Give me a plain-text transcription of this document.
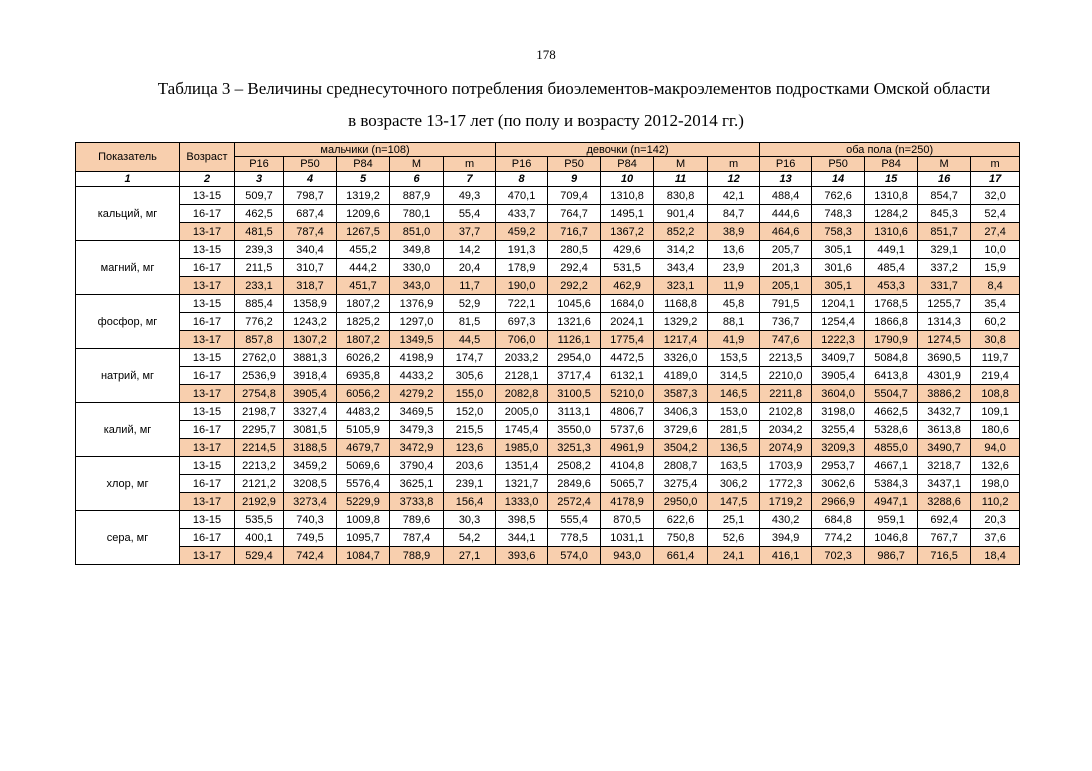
178
Таблица 3 – Величины среднесуточного потребления биоэлементов-макроэлементов подростками Омской области
в возрасте 13-17 лет (по полу и возрасту 2012-2014 гг.)
Показатель	Возраст	мальчики (n=108)					девочки (n=142)					оба пола (n=250)				
		P16	P50	P84	M	m	P16	P50	P84	M	m	P16	P50	P84	M	m
1	2	3	4	5	6	7	8	9	10	11	12	13	14	15	16	17
кальций, мг	13-15	509,7	798,7	1319,2	887,9	49,3	470,1	709,4	1310,8	830,8	42,1	488,4	762,6	1310,8	854,7	32,0
	16-17	462,5	687,4	1209,6	780,1	55,4	433,7	764,7	1495,1	901,4	84,7	444,6	748,3	1284,2	845,3	52,4
	13-17	481,5	787,4	1267,5	851,0	37,7	459,2	716,7	1367,2	852,2	38,9	464,6	758,3	1310,6	851,7	27,4
магний, мг	13-15	239,3	340,4	455,2	349,8	14,2	191,3	280,5	429,6	314,2	13,6	205,7	305,1	449,1	329,1	10,0
	16-17	211,5	310,7	444,2	330,0	20,4	178,9	292,4	531,5	343,4	23,9	201,3	301,6	485,4	337,2	15,9
	13-17	233,1	318,7	451,7	343,0	11,7	190,0	292,2	462,9	323,1	11,9	205,1	305,1	453,3	331,7	8,4
фосфор, мг	13-15	885,4	1358,9	1807,2	1376,9	52,9	722,1	1045,6	1684,0	1168,8	45,8	791,5	1204,1	1768,5	1255,7	35,4
	16-17	776,2	1243,2	1825,2	1297,0	81,5	697,3	1321,6	2024,1	1329,2	88,1	736,7	1254,4	1866,8	1314,3	60,2
	13-17	857,8	1307,2	1807,2	1349,5	44,5	706,0	1126,1	1775,4	1217,4	41,9	747,6	1222,3	1790,9	1274,5	30,8
натрий, мг	13-15	2762,0	3881,3	6026,2	4198,9	174,7	2033,2	2954,0	4472,5	3326,0	153,5	2213,5	3409,7	5084,8	3690,5	119,7
	16-17	2536,9	3918,4	6935,8	4433,2	305,6	2128,1	3717,4	6132,1	4189,0	314,5	2210,0	3905,4	6413,8	4301,9	219,4
	13-17	2754,8	3905,4	6056,2	4279,2	155,0	2082,8	3100,5	5210,0	3587,3	146,5	2211,8	3604,0	5504,7	3886,2	108,8
калий, мг	13-15	2198,7	3327,4	4483,2	3469,5	152,0	2005,0	3113,1	4806,7	3406,3	153,0	2102,8	3198,0	4662,5	3432,7	109,1
	16-17	2295,7	3081,5	5105,9	3479,3	215,5	1745,4	3550,0	5737,6	3729,6	281,5	2034,2	3255,4	5328,6	3613,8	180,6
	13-17	2214,5	3188,5	4679,7	3472,9	123,6	1985,0	3251,3	4961,9	3504,2	136,5	2074,9	3209,3	4855,0	3490,7	94,0
хлор, мг	13-15	2213,2	3459,2	5069,6	3790,4	203,6	1351,4	2508,2	4104,8	2808,7	163,5	1703,9	2953,7	4667,1	3218,7	132,6
	16-17	2121,2	3208,5	5576,4	3625,1	239,1	1321,7	2849,6	5065,7	3275,4	306,2	1772,3	3062,6	5384,3	3437,1	198,0
	13-17	2192,9	3273,4	5229,9	3733,8	156,4	1333,0	2572,4	4178,9	2950,0	147,5	1719,2	2966,9	4947,1	3288,6	110,2
сера, мг	13-15	535,5	740,3	1009,8	789,6	30,3	398,5	555,4	870,5	622,6	25,1	430,2	684,8	959,1	692,4	20,3
	16-17	400,1	749,5	1095,7	787,4	54,2	344,1	778,5	1031,1	750,8	52,6	394,9	774,2	1046,8	767,7	37,6
	13-17	529,4	742,4	1084,7	788,9	27,1	393,6	574,0	943,0	661,4	24,1	416,1	702,3	986,7	716,5	18,4
